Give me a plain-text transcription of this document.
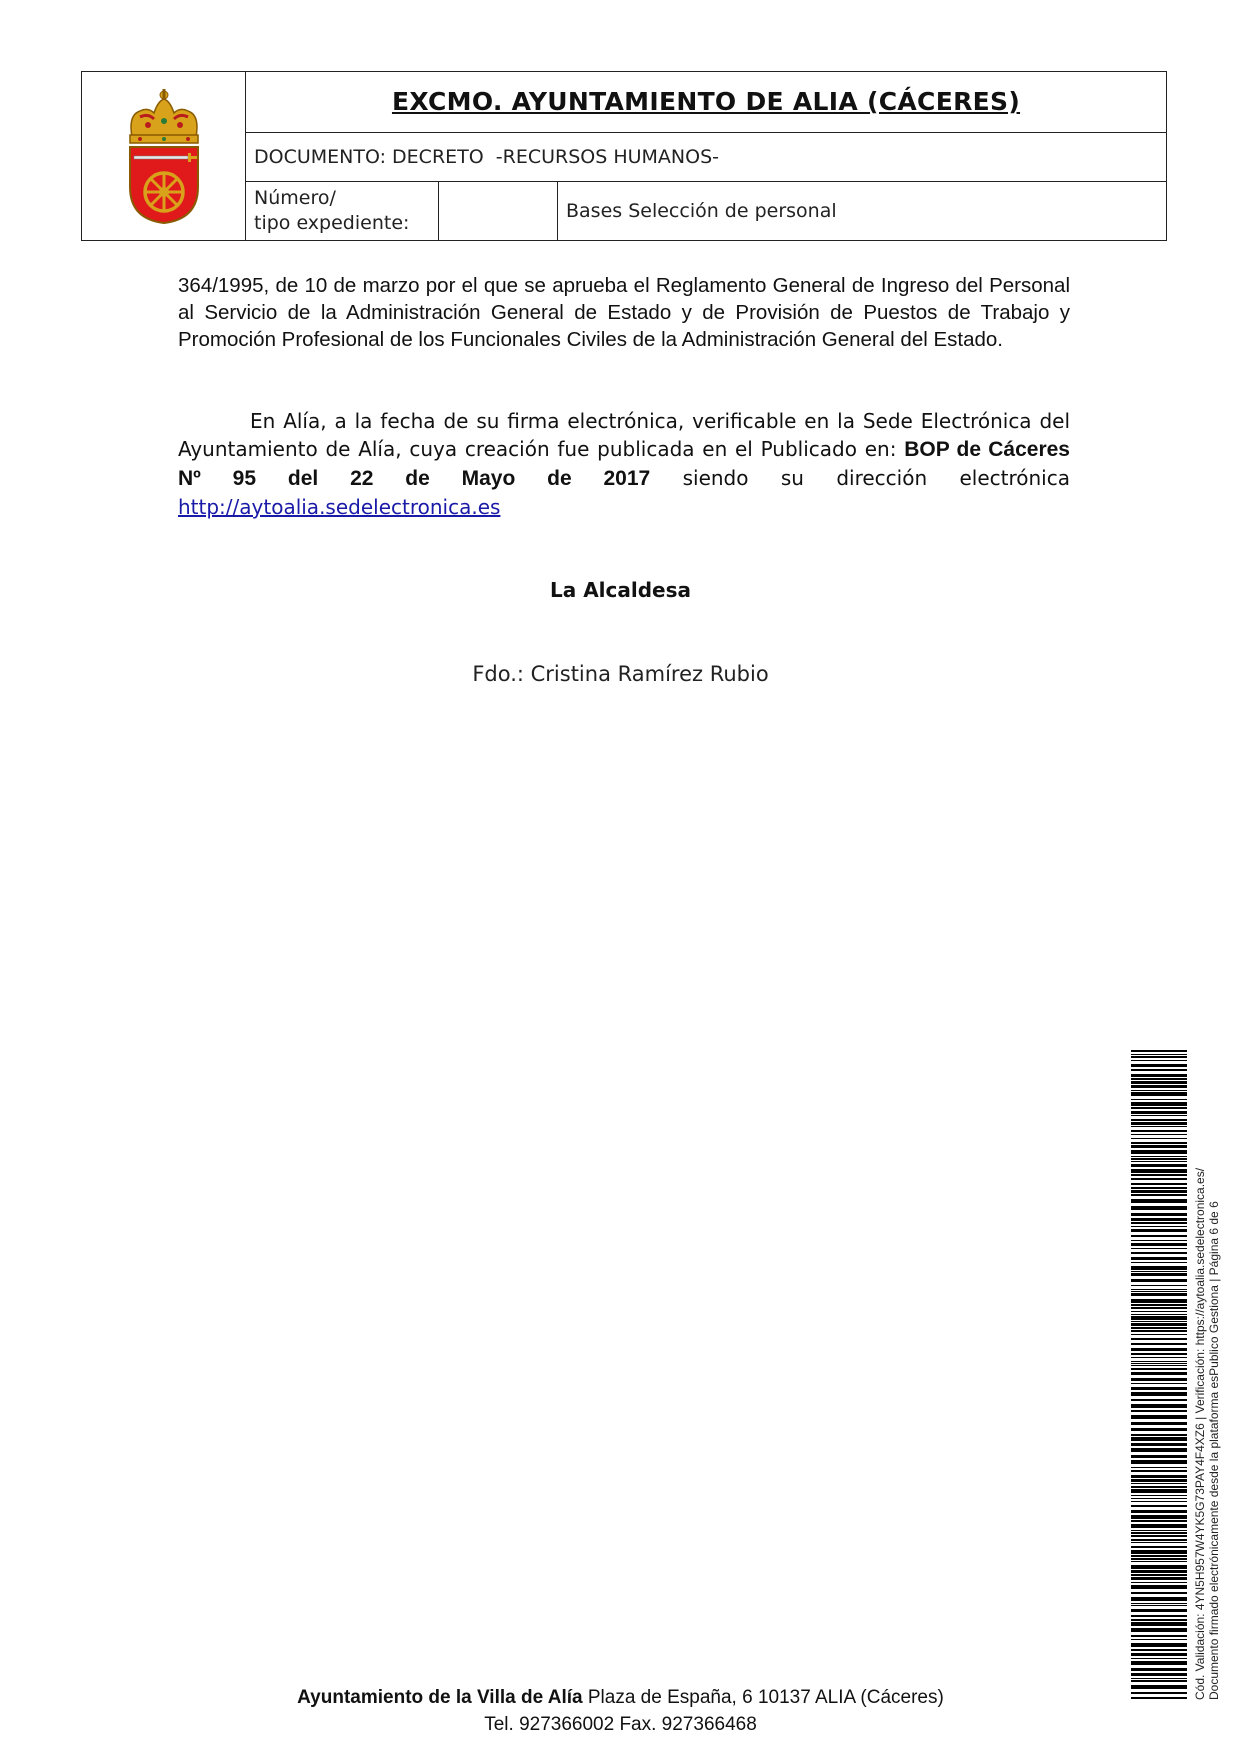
EXCMO. AYUNTAMIENTO DE ALIA (CÁCERES)
DOCUMENTO: DECRETO  -RECURSOS HUMANOS-
Número/
tipo expediente:
Bases Selección de personal

364/1995, de 10 de marzo por el que se aprueba el Reglamento General de Ingreso del Personal al Servicio de la Administración General de Estado y de Provisión de Puestos de Trabajo y Promoción Profesional de los Funcionales Civiles de la Administración General del Estado.

En Alía, a la fecha de su firma electrónica, verificable en la Sede Electrónica del Ayuntamiento de Alía, cuya creación fue publicada en el Publicado en: BOP de Cáceres Nº 95 del 22 de Mayo de 2017 siendo su dirección electrónica http://aytoalia.sedelectronica.es

La Alcaldesa
Fdo.: Cristina Ramírez Rubio
Cód. Validación: 4YN5H957W4YK5G73PAY4F4XZ6 | Verificación: https://aytoalia.sedelectronica.es/ Documento firmado electrónicamente desde la plataforma esPublico Gestiona | Página 6 de 6
Ayuntamiento de la Villa de Alía Plaza de España, 6 10137 ALIA (Cáceres)
Tel. 927366002 Fax. 927366468
